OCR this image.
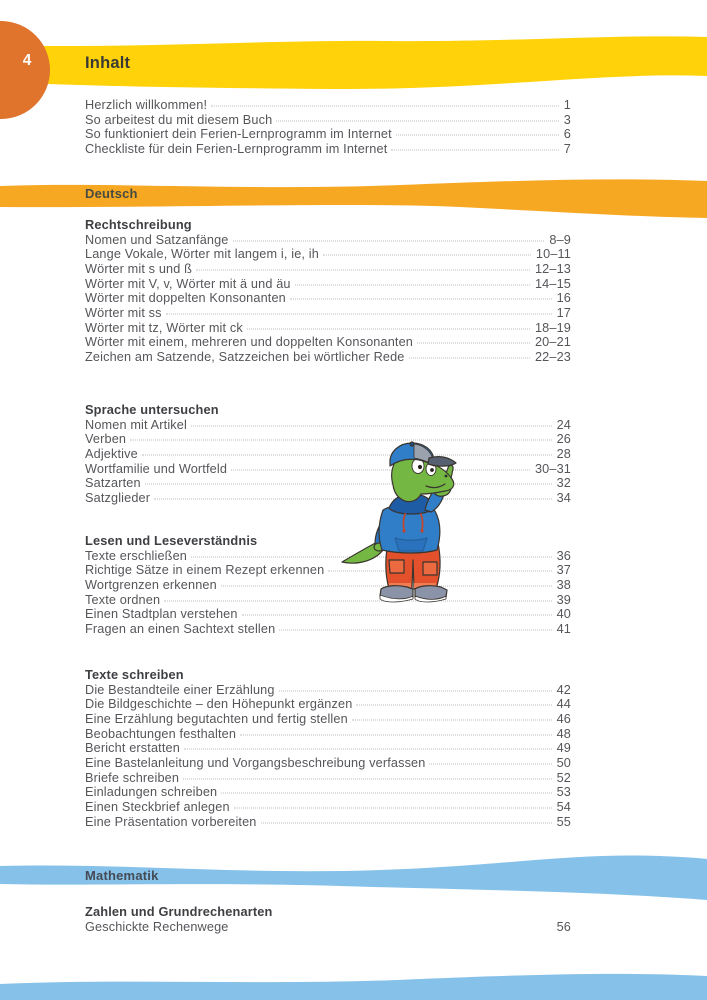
4	Inhalt
Herzlich willkommen!	1
So arbeitest du mit diesem Buch	3
So funktioniert dein Ferien-Lernprogramm im Internet	6
Checkliste für dein Ferien-Lernprogramm im Internet	7
Deutsch
Rechtschreibung
Nomen und Satzanfänge	8–9
Lange Vokale, Wörter mit langem i, ie, ih	10–11
Wörter mit s und ß	12–13
Wörter mit V, v, Wörter mit ä und äu	14–15
Wörter mit doppelten Konsonanten	16
Wörter mit ss	17
Wörter mit tz, Wörter mit ck	18–19
Wörter mit einem, mehreren und doppelten Konsonanten	20–21
Zeichen am Satzende, Satzzeichen bei wörtlicher Rede	22–23
Sprache untersuchen
Nomen mit Artikel	24
Verben	26
Adjektive	28
Wortfamilie und Wortfeld	30–31
Satzarten	32
Satzglieder	34
Lesen und Leseverständnis
Texte erschließen	36
Richtige Sätze in einem Rezept erkennen	37
Wortgrenzen erkennen	38
Texte ordnen	39
Einen Stadtplan verstehen	40
Fragen an einen Sachtext stellen	41
Texte schreiben
Die Bestandteile einer Erzählung	42
Die Bildgeschichte – den Höhepunkt ergänzen	44
Eine Erzählung begutachten und fertig stellen	46
Beobachtungen festhalten	48
Bericht erstatten	49
Eine Bastelanleitung und Vorgangsbeschreibung verfassen	50
Briefe schreiben	52
Einladungen schreiben	53
Einen Steckbrief anlegen	54
Eine Präsentation vorbereiten	55
Mathematik
Zahlen und Grundrechenarten
Geschickte Rechenwege	56
